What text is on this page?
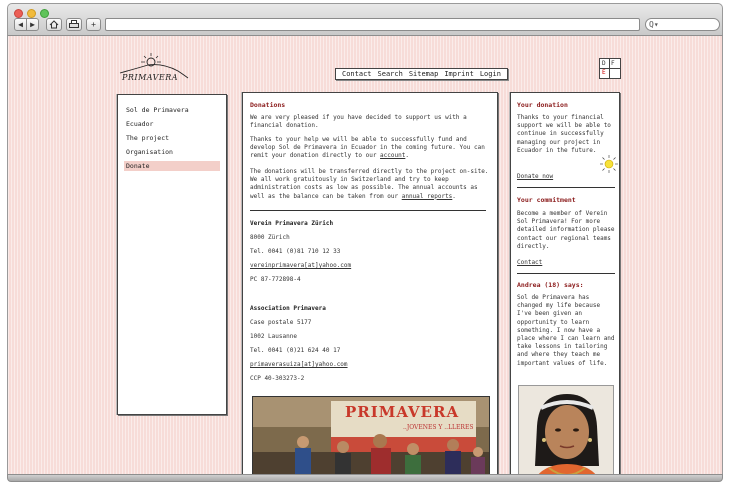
◀ ▶	+	Q▾
PRIMAVERA	Contact Search Sitemap Imprint Login
D F
E
Sol de Primavera
Ecuador
The project
Organisation
Donate
Donations
We are very pleased if you have decided to support us with a financial donation.
Thanks to your help we will be able to successfully fund and develop Sol de Primavera in Ecuador in the coming future. You can remit your donation directly to our account.
The donations will be transferred directly to the project on-site. We all work gratuitously in Switzerland and try to keep administration costs as low as possible. The annual accounts as well as the balance can be taken from our annual reports.
Verein Primavera Zürich
8000 Zürich
Tel. 0041 (0)81 710 12 33
vereinprimavera[at]yahoo.com
PC 87-772898-4
Association Primavera
Case postale 5177
1002 Lausanne
Tel. 0041 (0)21 624 40 17
primaverasuiza[at]yahoo.com
CCP 40-303273-2
PRIMAVERA
..JOVENES Y ..LLERES
Your donation
Thanks to your financial support we will be able to continue in successfully managing our project in Ecuador in the future.
Donate now
Your commitment
Become a member of Verein Sol Primavera! For more detailed information please contact our regional teams directly.
Contact
Andrea (18) says:
Sol de Primavera has changed my life because I've been given an opportunity to learn something. I now have a place where I can learn and take lessons in tailoring and where they teach me important values of life.
